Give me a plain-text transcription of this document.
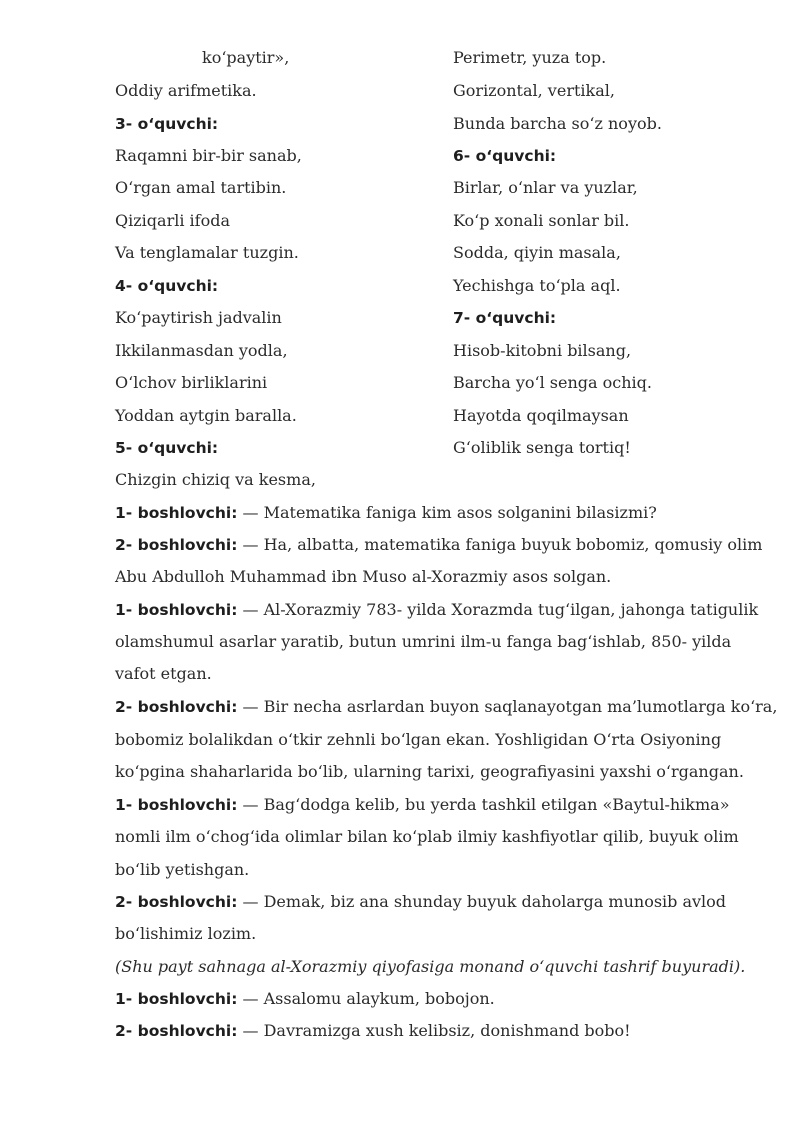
ko‘paytir»,
Oddiy arifmetika.
3- o‘quvchi:
Raqamni bir-bir sanab,
O‘rgan amal tartibin.
Qiziqarli ifoda
Va tenglamalar tuzgin.
4- o‘quvchi:
Ko‘paytirish jadvalin
Ikkilanmasdan yodla,
O‘lchov birliklarini
Yoddan aytgin baralla.
5- o‘quvchi:
Chizgin chiziq va kesma,
Perimetr, yuza top.
Gorizontal, vertikal,
Bunda barcha so‘z noyob.
6- o‘quvchi:
Birlar, o‘nlar va yuzlar,
Ko‘p xonali sonlar bil.
Sodda, qiyin masala,
Yechishga to‘pla aql.
7- o‘quvchi:
Hisob-kitobni bilsang,
Barcha yo‘l senga ochiq.
Hayotda qoqilmaysan
G‘oliblik senga tortiq!
1- boshlovchi: — Matematika faniga kim asos solganini bilasizmi?
2- boshlovchi: — Ha, albatta, matematika faniga buyuk bobomiz, qomusiy olim
Abu Abdulloh Muhammad ibn Muso al-Xorazmiy asos solgan.
1- boshlovchi: — Al-Xorazmiy 783- yilda Xorazmda tug‘ilgan, jahonga tatigulik
olamshumul asarlar yaratib, butun umrini ilm-u fanga bag‘ishlab, 850- yilda
vafot etgan.
2- boshlovchi: — Bir necha asrlardan buyon saqlanayotgan ma’lumotlarga ko‘ra,
bobomiz bolalikdan o‘tkir zehnli bo‘lgan ekan. Yoshligidan O‘rta Osiyoning
ko‘pgina shaharlarida bo‘lib, ularning tarixi, geografiyasini yaxshi o‘rgangan.
1- boshlovchi: — Bag‘dodga kelib, bu yerda tashkil etilgan «Baytul-hikma»
nomli ilm o‘chog‘ida olimlar bilan ko‘plab ilmiy kashfiyotlar qilib, buyuk olim
bo‘lib yetishgan.
2- boshlovchi: — Demak, biz ana shunday buyuk daholarga munosib avlod
bo‘lishimiz lozim.
(Shu payt sahnaga al-Xorazmiy qiyofasiga monand o‘quvchi tashrif buyuradi).
1- boshlovchi: — Assalomu alaykum, bobojon.
2- boshlovchi: — Davramizga xush kelibsiz, donishmand bobo!
